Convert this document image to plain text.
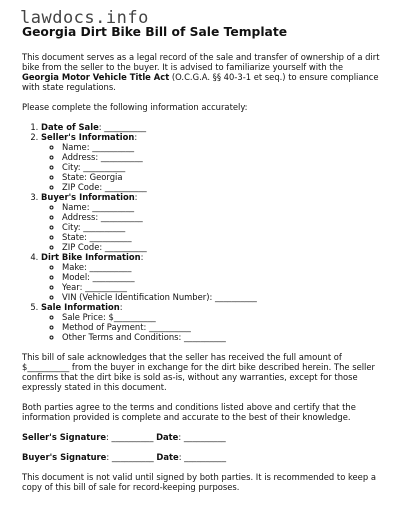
lawdocs.info
Georgia Dirt Bike Bill of Sale Template

This document serves as a legal record of the sale and transfer of ownership of a dirt bike from the seller to the buyer. It is advised to familiarize yourself with the Georgia Motor Vehicle Title Act (O.C.G.A. §§ 40-3-1 et seq.) to ensure compliance with state regulations.

Please complete the following information accurately:

1. Date of Sale: __________
2. Seller's Information:
◦ Name: __________
◦ Address: __________
◦ City: __________
◦ State: Georgia
◦ ZIP Code: __________
3. Buyer's Information:
◦ Name: __________
◦ Address: __________
◦ City: __________
◦ State: __________
◦ ZIP Code: __________
4. Dirt Bike Information:
◦ Make: __________
◦ Model: __________
◦ Year: __________
◦ VIN (Vehicle Identification Number): __________
5. Sale Information:
◦ Sale Price: $__________
◦ Method of Payment: __________
◦ Other Terms and Conditions: __________

This bill of sale acknowledges that the seller has received the full amount of $__________ from the buyer in exchange for the dirt bike described herein. The seller confirms that the dirt bike is sold as-is, without any warranties, except for those expressly stated in this document.

Both parties agree to the terms and conditions listed above and certify that the information provided is complete and accurate to the best of their knowledge.

Seller's Signature: __________ Date: __________

Buyer's Signature: __________ Date: __________

This document is not valid until signed by both parties. It is recommended to keep a copy of this bill of sale for record-keeping purposes.
